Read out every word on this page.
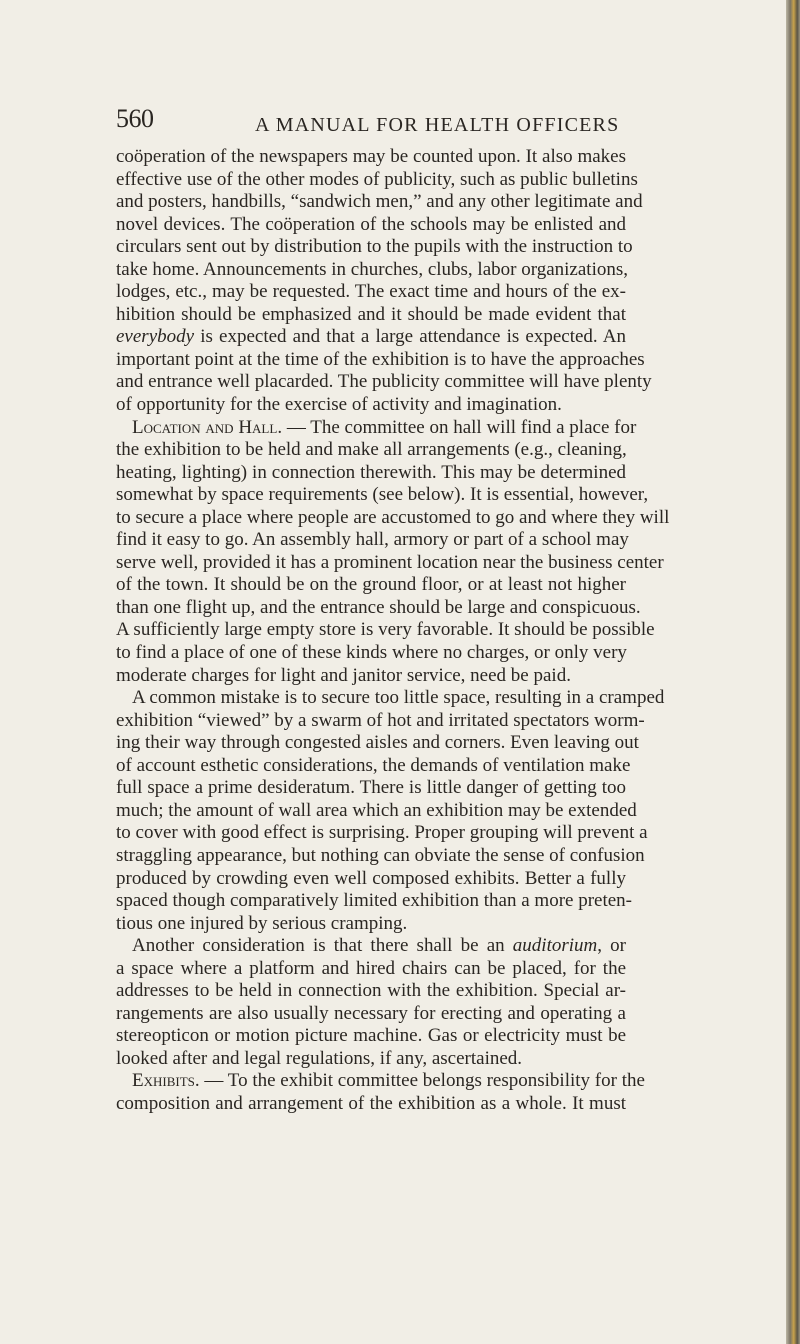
560	A MANUAL FOR HEALTH OFFICERS
coöperation of the newspapers may be counted upon. It also makes
effective use of the other modes of publicity, such as public bulletins
and posters, handbills, “sandwich men,” and any other legitimate and
novel devices. The coöperation of the schools may be enlisted and
circulars sent out by distribution to the pupils with the instruction to
take home. Announcements in churches, clubs, labor organizations,
lodges, etc., may be requested. The exact time and hours of the ex-
hibition should be emphasized and it should be made evident that
everybody is expected and that a large attendance is expected. An
important point at the time of the exhibition is to have the approaches
and entrance well placarded. The publicity committee will have plenty
of opportunity for the exercise of activity and imagination.
Location and Hall. — The committee on hall will find a place for
the exhibition to be held and make all arrangements (e.g., cleaning,
heating, lighting) in connection therewith. This may be determined
somewhat by space requirements (see below). It is essential, however,
to secure a place where people are accustomed to go and where they will
find it easy to go. An assembly hall, armory or part of a school may
serve well, provided it has a prominent location near the business center
of the town. It should be on the ground floor, or at least not higher
than one flight up, and the entrance should be large and conspicuous.
A sufficiently large empty store is very favorable. It should be possible
to find a place of one of these kinds where no charges, or only very
moderate charges for light and janitor service, need be paid.
A common mistake is to secure too little space, resulting in a cramped
exhibition “viewed” by a swarm of hot and irritated spectators worm-
ing their way through congested aisles and corners. Even leaving out
of account esthetic considerations, the demands of ventilation make
full space a prime desideratum. There is little danger of getting too
much; the amount of wall area which an exhibition may be extended
to cover with good effect is surprising. Proper grouping will prevent a
straggling appearance, but nothing can obviate the sense of confusion
produced by crowding even well composed exhibits. Better a fully
spaced though comparatively limited exhibition than a more preten-
tious one injured by serious cramping.
Another consideration is that there shall be an auditorium, or
a space where a platform and hired chairs can be placed, for the
addresses to be held in connection with the exhibition. Special ar-
rangements are also usually necessary for erecting and operating a
stereopticon or motion picture machine. Gas or electricity must be
looked after and legal regulations, if any, ascertained.
Exhibits. — To the exhibit committee belongs responsibility for the
composition and arrangement of the exhibition as a whole. It must
